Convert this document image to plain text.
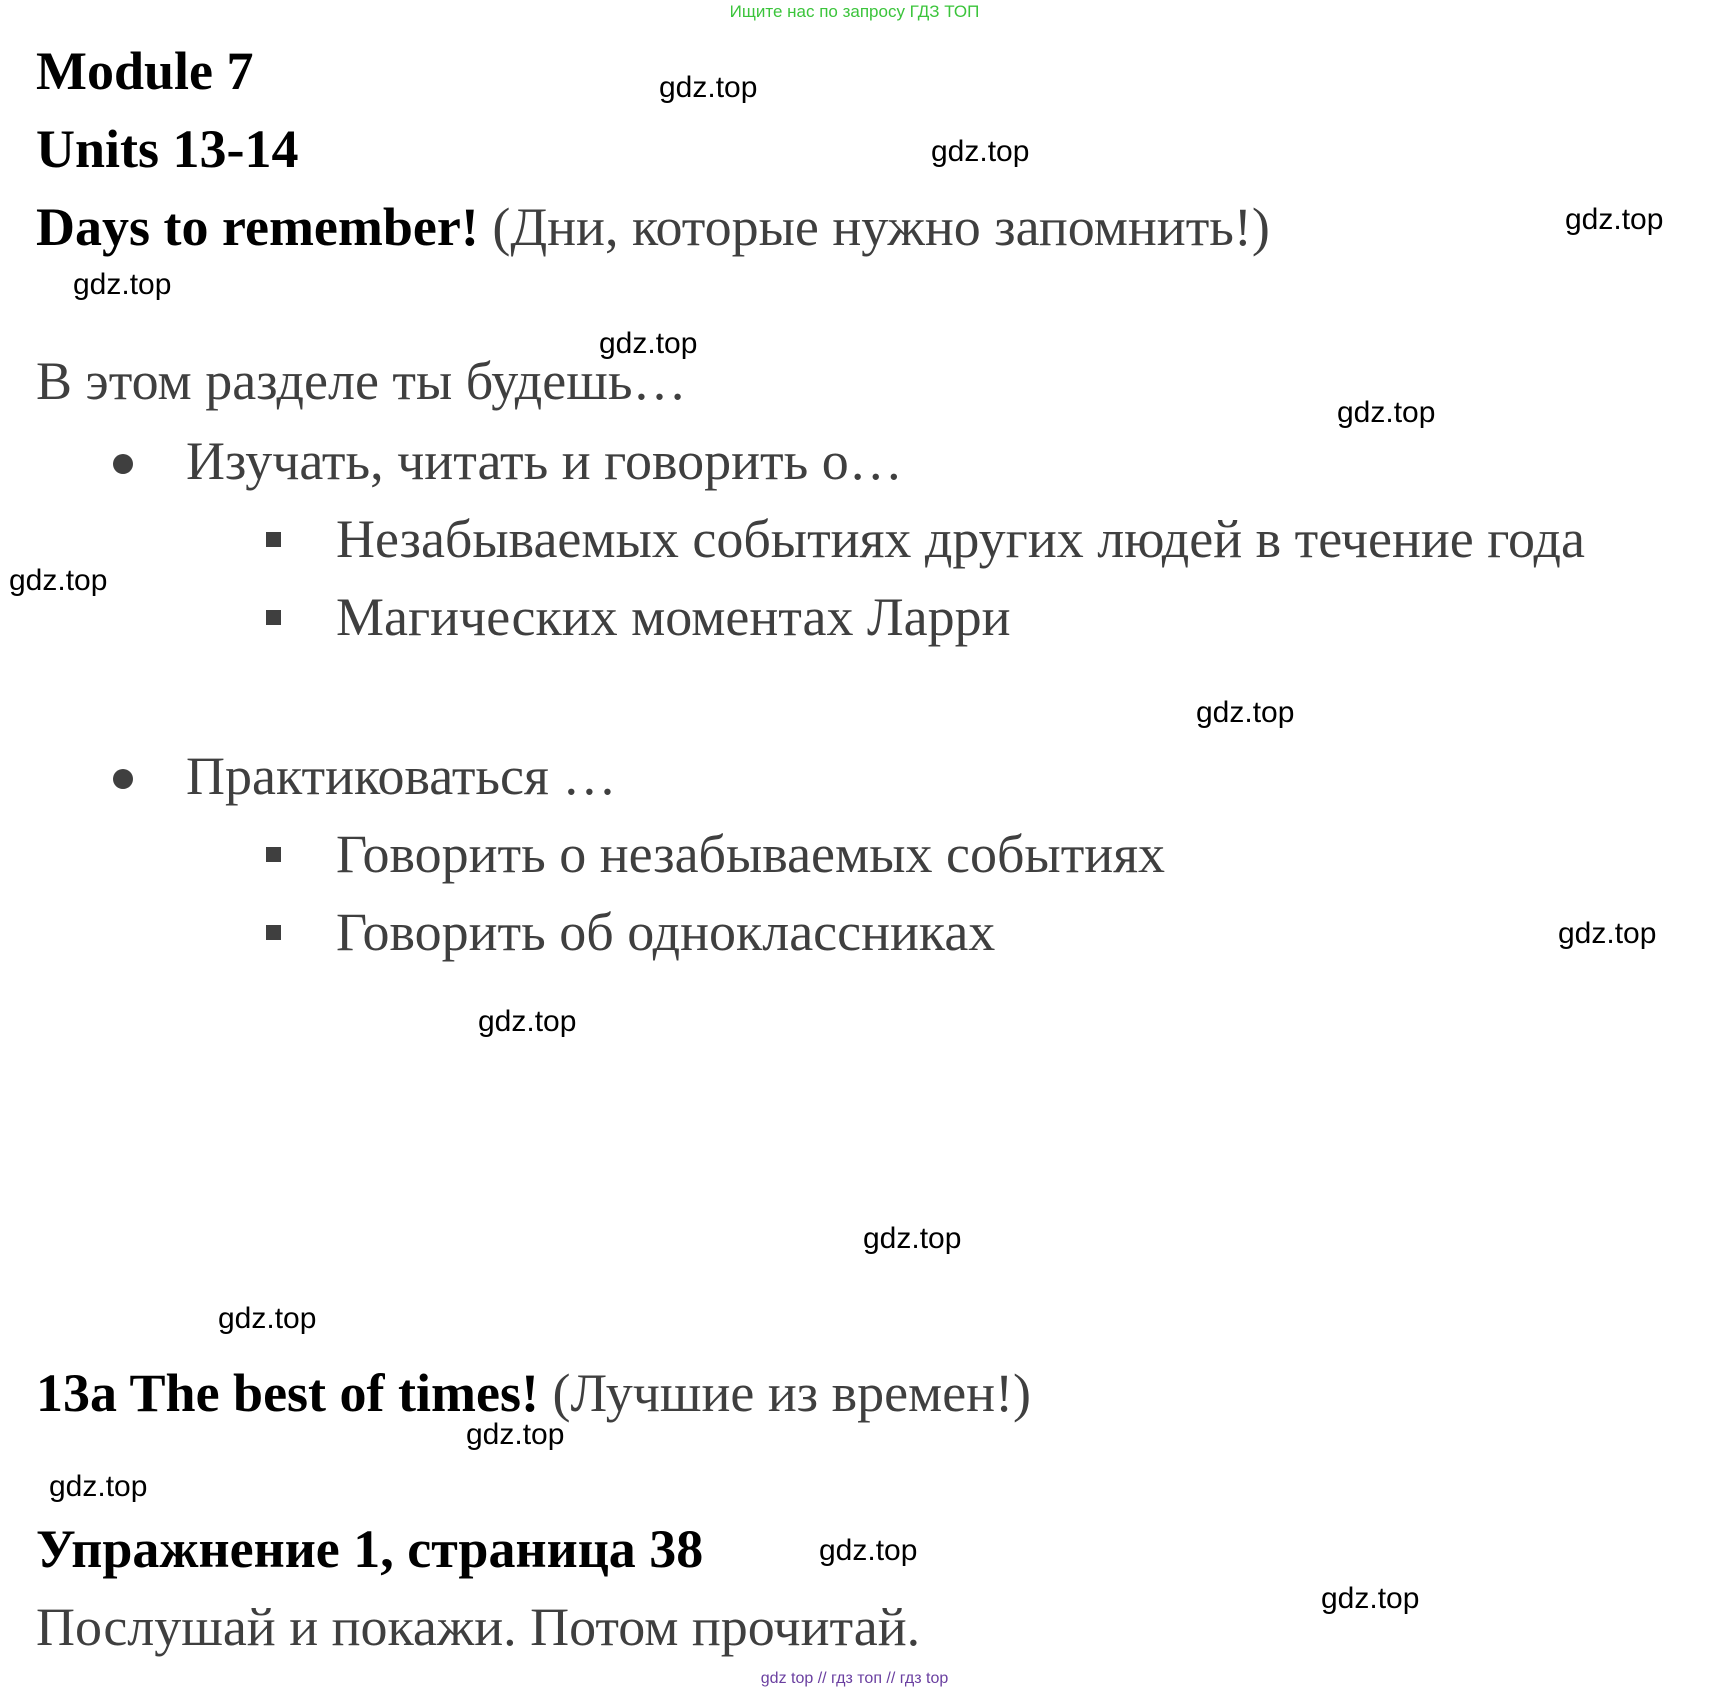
Ищите нас по запросу ГДЗ ТОП
Module 7
Units 13-14
Days to remember! (Дни, которые нужно запомнить!)
В этом разделе ты будешь…
Изучать, читать и говорить о…
Незабываемых событиях других людей в течение года
Магических моментах Ларри
Практиковаться …
Говорить о незабываемых событиях
Говорить об одноклассниках
13a The best of times! (Лучшие из времен!)
Упражнение 1, страница 38
Послушай и покажи. Потом прочитай.
gdz.top
gdz.top
gdz.top
gdz.top
gdz.top
gdz.top
gdz.top
gdz.top
gdz.top
gdz.top
gdz.top
gdz.top
gdz.top
gdz.top
gdz.top
gdz.top
gdz top // гдз топ // гдз top
